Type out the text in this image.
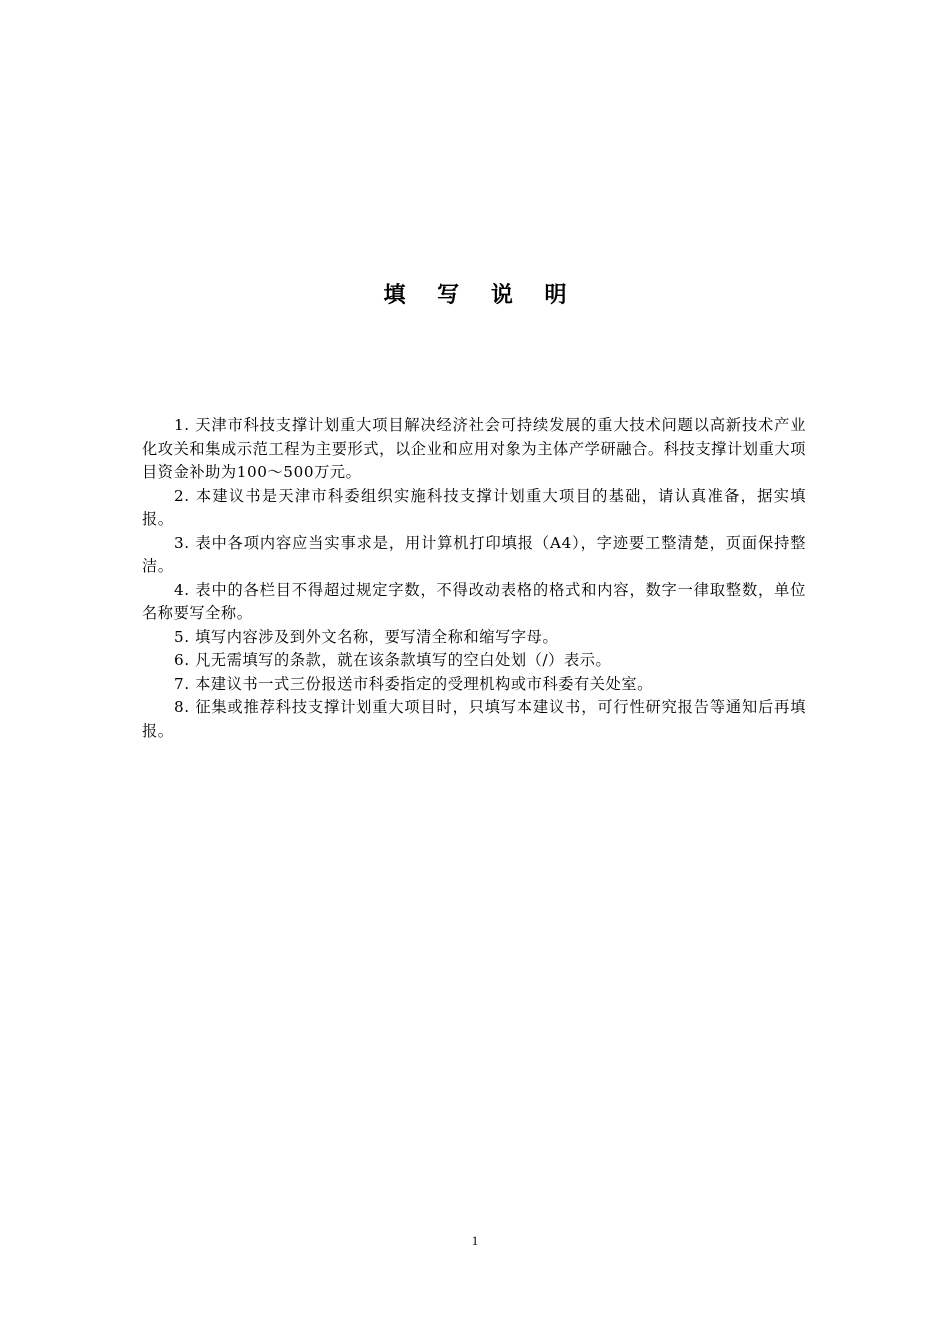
填 写 说 明
1. 天津市科技支撑计划重大项目解决经济社会可持续发展的重大技术问题以高新技术产业化攻关和集成示范工程为主要形式，以企业和应用对象为主体产学研融合。科技支撑计划重大项目资金补助为100～500万元。
2. 本建议书是天津市科委组织实施科技支撑计划重大项目的基础，请认真准备，据实填报。
3. 表中各项内容应当实事求是，用计算机打印填报（A4），字迹要工整清楚，页面保持整洁。
4. 表中的各栏目不得超过规定字数，不得改动表格的格式和内容，数字一律取整数，单位名称要写全称。
5. 填写内容涉及到外文名称，要写清全称和缩写字母。
6. 凡无需填写的条款，就在该条款填写的空白处划（/）表示。
7. 本建议书一式三份报送市科委指定的受理机构或市科委有关处室。
8. 征集或推荐科技支撑计划重大项目时，只填写本建议书，可行性研究报告等通知后再填报。
1
